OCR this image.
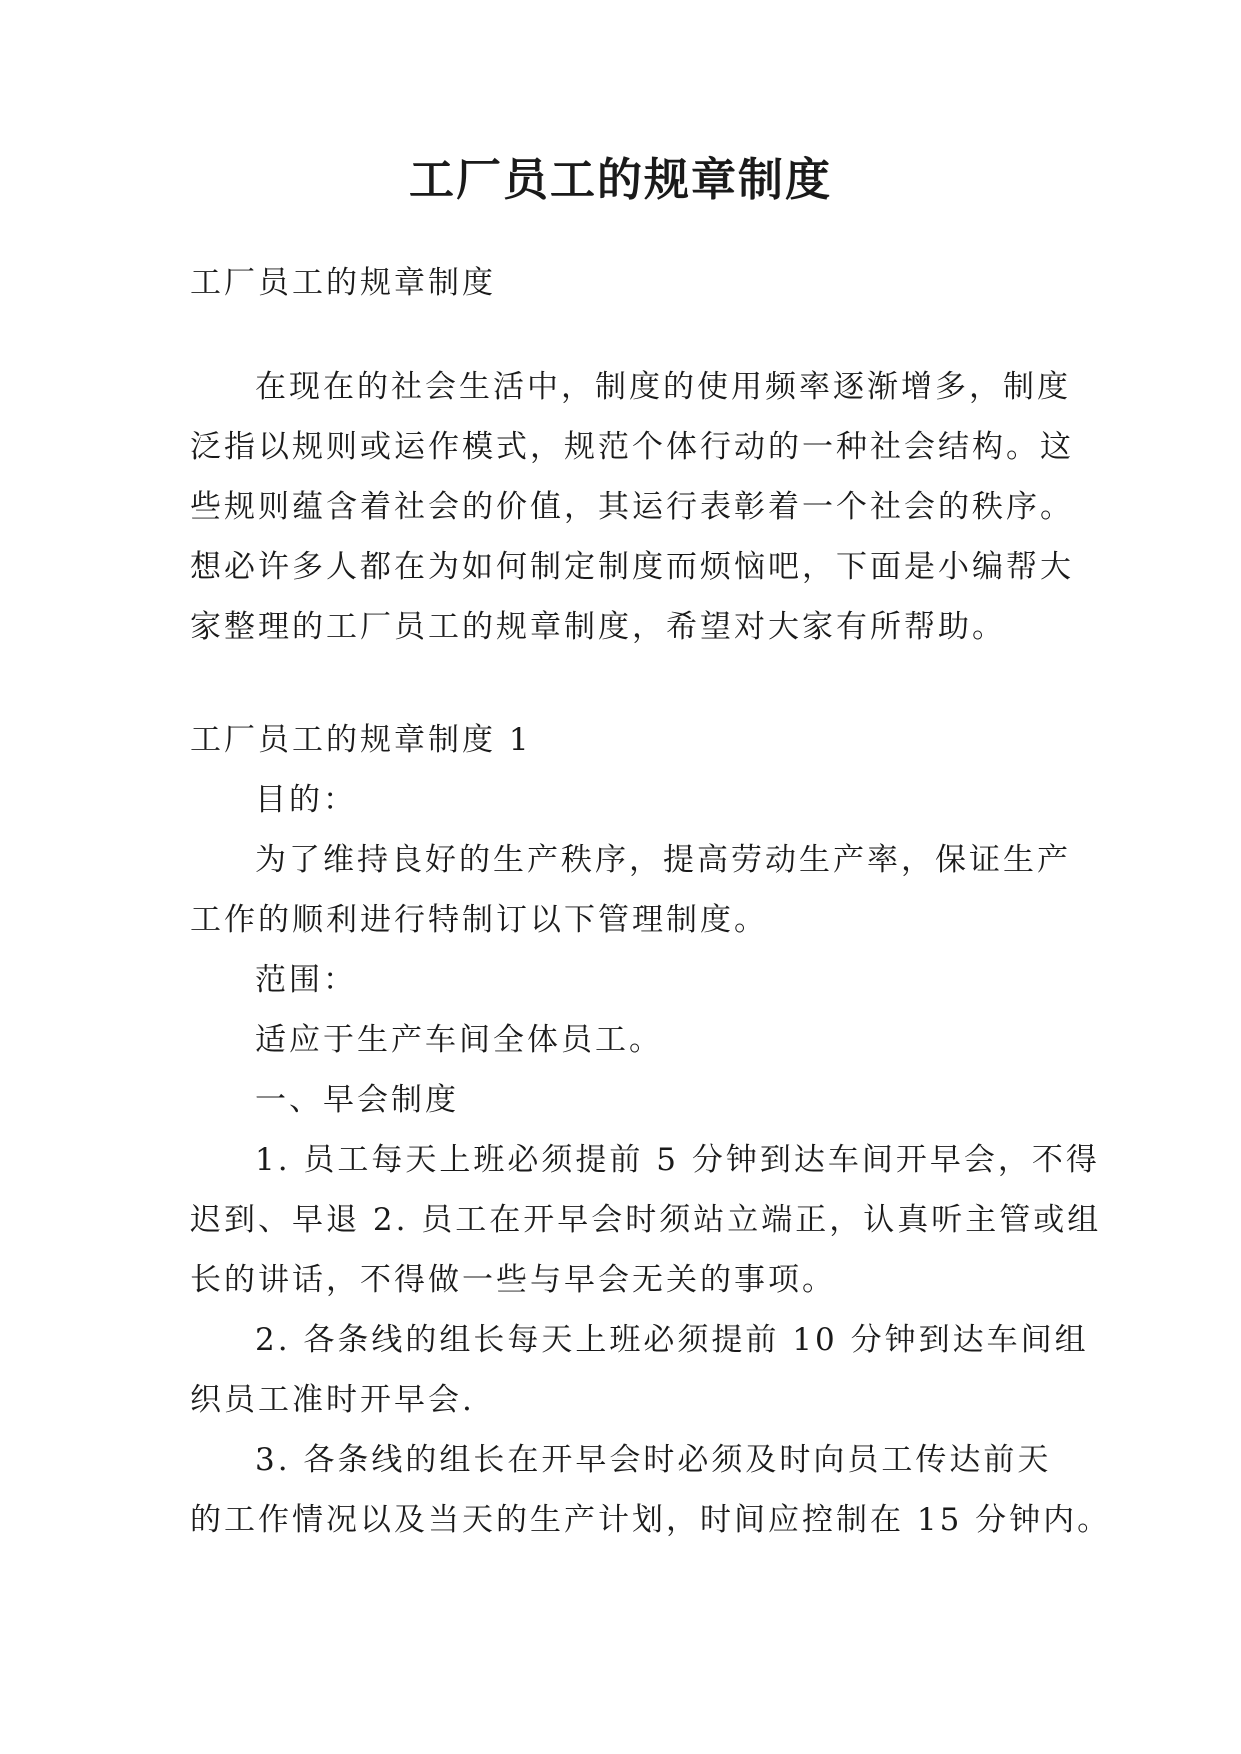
工厂员工的规章制度

工厂员工的规章制度

在现在的社会生活中，制度的使用频率逐渐增多，制度
泛指以规则或运作模式，规范个体行动的一种社会结构。这
些规则蕴含着社会的价值，其运行表彰着一个社会的秩序。
想必许多人都在为如何制定制度而烦恼吧，下面是小编帮大
家整理的工厂员工的规章制度，希望对大家有所帮助。

工厂员工的规章制度 1

目的：
为了维持良好的生产秩序，提高劳动生产率，保证生产
工作的顺利进行特制订以下管理制度。
范围：
适应于生产车间全体员工。
一、早会制度
1. 员工每天上班必须提前 5 分钟到达车间开早会，不得
迟到、早退 2. 员工在开早会时须站立端正，认真听主管或组
长的讲话，不得做一些与早会无关的事项。
2. 各条线的组长每天上班必须提前 10 分钟到达车间组
织员工准时开早会.
3. 各条线的组长在开早会时必须及时向员工传达前天
的工作情况以及当天的生产计划，时间应控制在 15 分钟内。
